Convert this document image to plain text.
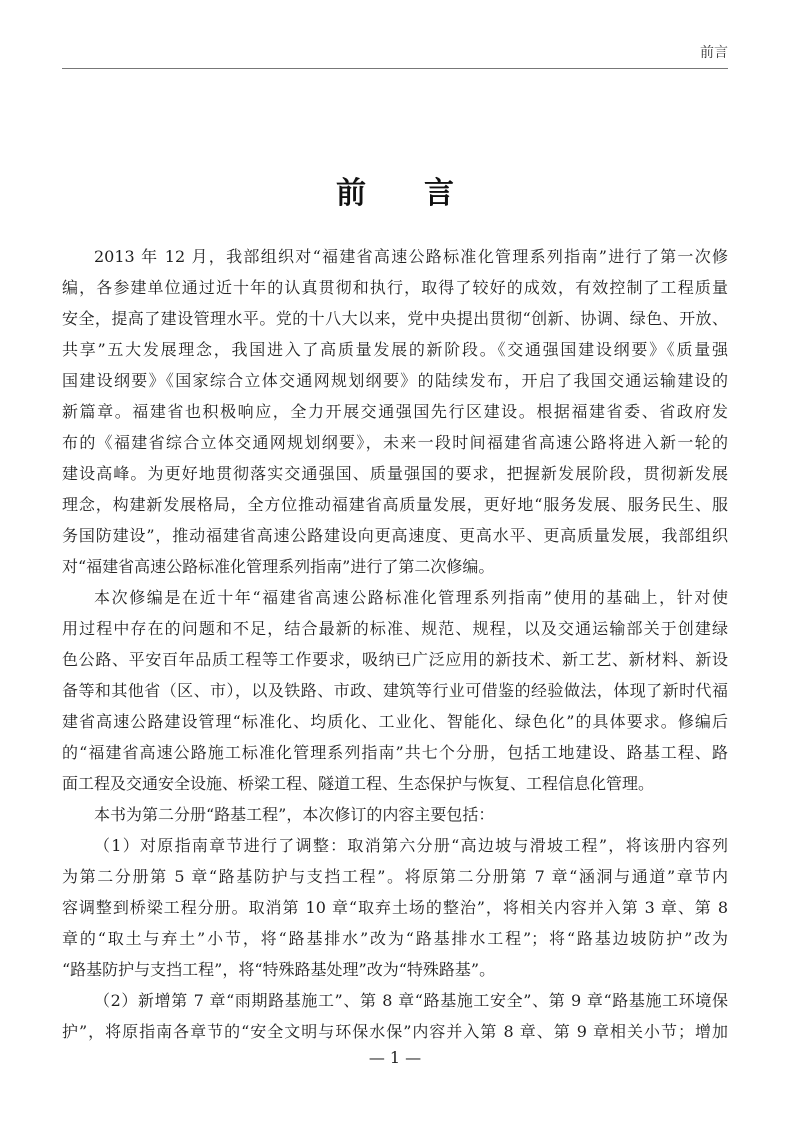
前言
前言
2013 年 12 月，我部组织对“福建省高速公路标准化管理系列指南”进行了第一次修
编，各参建单位通过近十年的认真贯彻和执行，取得了较好的成效，有效控制了工程质量
安全，提高了建设管理水平。党的十八大以来，党中央提出贯彻“创新、协调、绿色、开放、
共享”五大发展理念，我国进入了高质量发展的新阶段。《交通强国建设纲要》《质量强
国建设纲要》《国家综合立体交通网规划纲要》的陆续发布，开启了我国交通运输建设的
新篇章。福建省也积极响应，全力开展交通强国先行区建设。根据福建省委、省政府发
布的《福建省综合立体交通网规划纲要》，未来一段时间福建省高速公路将进入新一轮的
建设高峰。为更好地贯彻落实交通强国、质量强国的要求，把握新发展阶段，贯彻新发展
理念，构建新发展格局，全方位推动福建省高质量发展，更好地“服务发展、服务民生、服
务国防建设”，推动福建省高速公路建设向更高速度、更高水平、更高质量发展，我部组织
对“福建省高速公路标准化管理系列指南”进行了第二次修编。
本次修编是在近十年“福建省高速公路标准化管理系列指南”使用的基础上，针对使
用过程中存在的问题和不足，结合最新的标准、规范、规程，以及交通运输部关于创建绿
色公路、平安百年品质工程等工作要求，吸纳已广泛应用的新技术、新工艺、新材料、新设
备等和其他省（区、市），以及铁路、市政、建筑等行业可借鉴的经验做法，体现了新时代福
建省高速公路建设管理“标准化、均质化、工业化、智能化、绿色化”的具体要求。修编后
的“福建省高速公路施工标准化管理系列指南”共七个分册，包括工地建设、路基工程、路
面工程及交通安全设施、桥梁工程、隧道工程、生态保护与恢复、工程信息化管理。
本书为第二分册“路基工程”，本次修订的内容主要包括：
（1）对原指南章节进行了调整：取消第六分册“高边坡与滑坡工程”，将该册内容列
为第二分册第 5 章“路基防护与支挡工程”。将原第二分册第 7 章“涵洞与通道”章节内
容调整到桥梁工程分册。取消第 10 章“取弃土场的整治”，将相关内容并入第 3 章、第 8
章的“取土与弃土”小节，将“路基排水”改为“路基排水工程”；将“路基边坡防护”改为
“路基防护与支挡工程”，将“特殊路基处理”改为“特殊路基”。
（2）新增第 7 章“雨期路基施工”、第 8 章“路基施工安全”、第 9 章“路基施工环境保
护”，将原指南各章节的“安全文明与环保水保”内容并入第 8 章、第 9 章相关小节；增加
— 1 —
